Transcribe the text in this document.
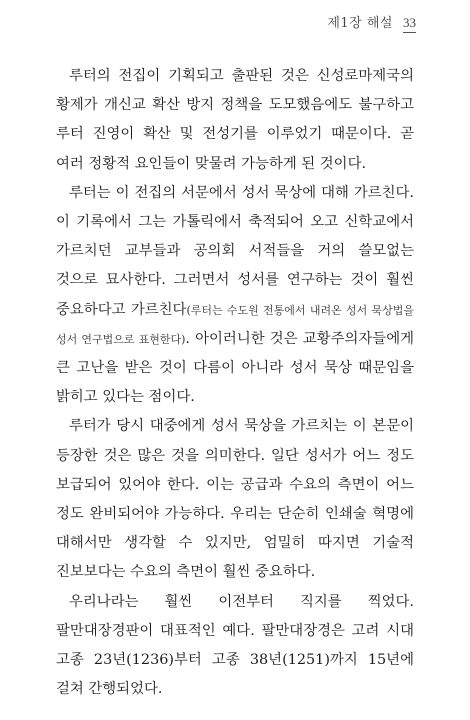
제1장 해설 33

루터의 전집이 기획되고 출판된 것은 신성로마제국의 황제가 개신교 확산 방지 정책을 도모했음에도 불구하고 루터 진영이 확산 및 전성기를 이루었기 때문이다. 곧 여러 정황적 요인들이 맞물려 가능하게 된 것이다.

루터는 이 전집의 서문에서 성서 묵상에 대해 가르친다. 이 기록에서 그는 가톨릭에서 축적되어 오고 신학교에서 가르치던 교부들과 공의회 서적들을 거의 쓸모없는 것으로 묘사한다. 그러면서 성서를 연구하는 것이 훨씬 중요하다고 가르친다(루터는 수도원 전통에서 내려온 성서 묵상법을 성서 연구법으로 표현한다). 아이러니한 것은 교황주의자들에게 큰 고난을 받은 것이 다름이 아니라 성서 묵상 때문임을 밝히고 있다는 점이다.

루터가 당시 대중에게 성서 묵상을 가르치는 이 본문이 등장한 것은 많은 것을 의미한다. 일단 성서가 어느 정도 보급되어 있어야 한다. 이는 공급과 수요의 측면이 어느 정도 완비되어야 가능하다. 우리는 단순히 인쇄술 혁명에 대해서만 생각할 수 있지만, 엄밀히 따지면 기술적 진보보다는 수요의 측면이 훨씬 중요하다.

우리나라는 훨씬 이전부터 직지를 찍었다. 팔만대장경판이 대표적인 예다. 팔만대장경은 고려 시대 고종 23년(1236)부터 고종 38년(1251)까지 15년에 걸쳐 간행되었다.
